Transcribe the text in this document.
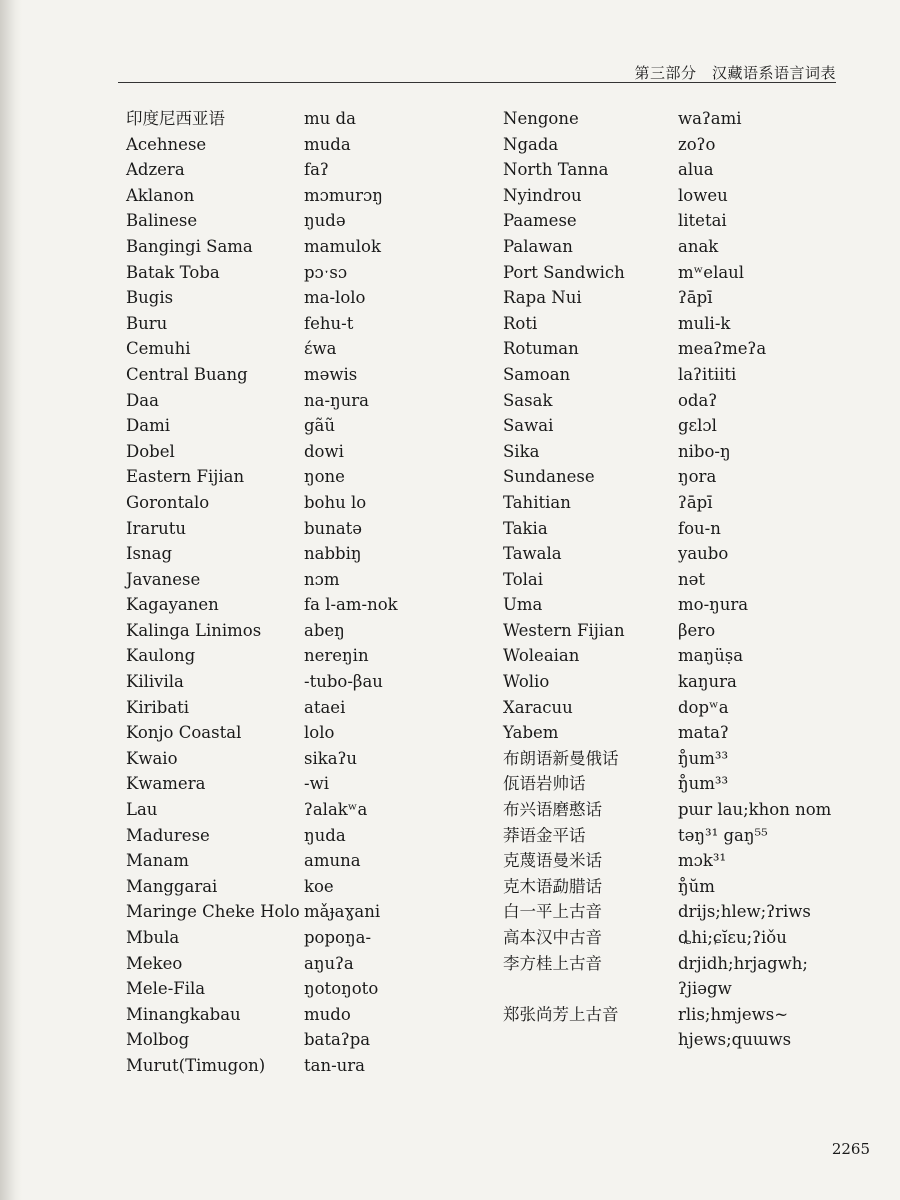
第三部分　汉藏语系语言词表
印度尼西亚语
Acehnese
Adzera
Aklanon
Balinese
Bangingi Sama
Batak Toba
Bugis
Buru
Cemuhi
Central Buang
Daa
Dami
Dobel
Eastern Fijian
Gorontalo
Irarutu
Isnag
Javanese
Kagayanen
Kalinga Linimos
Kaulong
Kilivila
Kiribati
Konjo Coastal
Kwaio
Kwamera
Lau
Madurese
Manam
Manggarai
Maringe Cheke Holo
Mbula
Mekeo
Mele-Fila
Minangkabau
Molbog
Murut(Timugon)
mu da
muda
faʔ
mɔmurɔŋ
ŋudə
mamulok
pɔˑsɔ
ma-lolo
fehu-t
ɛ́wa
məwis
na-ŋura
gãũ
dowi
ŋone
bohu lo
bunatə
nabbiŋ
nɔm
fa l-am-nok
abeŋ
nereŋin
-tubo-βau
ataei
lolo
sikaʔu
-wi
ʔalakʷa
ŋuda
amuna
koe
mǎɟaɣani
popoŋa-
aŋuʔa
ŋotoŋoto
mudo
bataʔpa
tan-ura
Nengone
Ngada
North Tanna
Nyindrou
Paamese
Palawan
Port Sandwich
Rapa Nui
Roti
Rotuman
Samoan
Sasak
Sawai
Sika
Sundanese
Tahitian
Takia
Tawala
Tolai
Uma
Western Fijian
Woleaian
Wolio
Xaracuu
Yabem
布朗语新曼俄话
佤语岩帅话
布兴语磨憨话
莽语金平话
克蔑语曼米话
克木语勐腊话
白一平上古音
高本汉中古音
李方桂上古音
郑张尚芳上古音
waʔami
zoʔo
alua
loweu
litetai
anak
mʷelaul
ʔāpī
muli-k
meaʔmeʔa
laʔitiiti
odaʔ
gɛlɔl
nibo-ŋ
ŋora
ʔāpī
fou-n
yaubo
nət
mo-ŋura
βero
maŋüṣa
kaŋura
dopʷa
mataʔ
ŋ̊um³³
ŋ̊um³³
pɯr lau;khon nom
təŋ³¹ gaŋ⁵⁵
mɔk³¹
ŋ̊ŭm
drijs;hlew;ʔriws
ȡhi;ɕĭɛu;ʔiǒu
drjidh;hrjagwh;
ʔjiəgw
rlis;hmjews~
hjews;quɯws
2265
